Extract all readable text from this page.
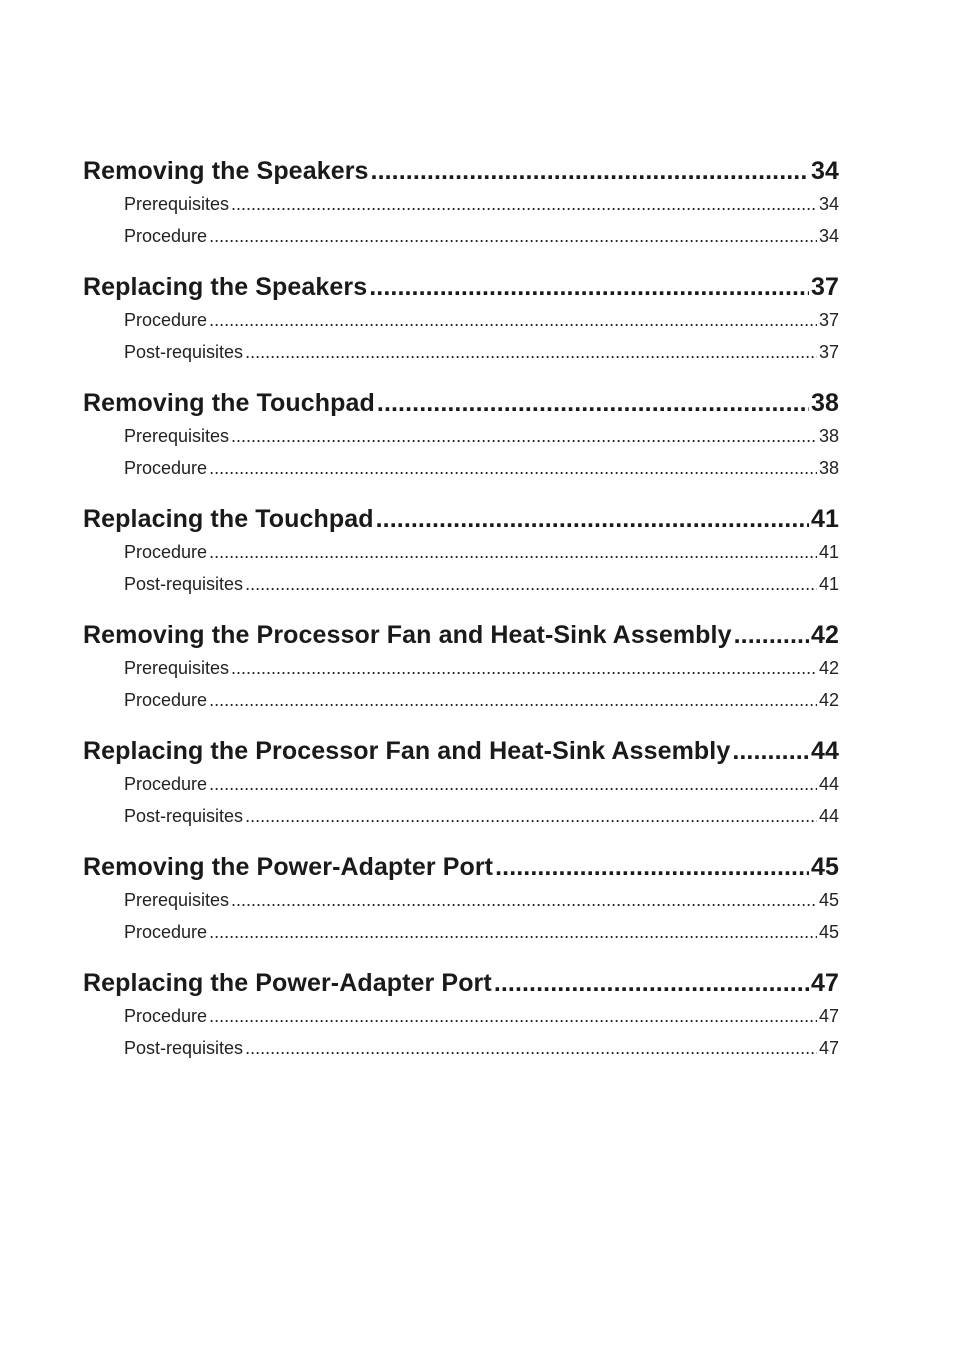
Removing the Speakers .....	34
Prerequisites .....	34
Procedure .....	34
Replacing the Speakers .....	37
Procedure .....	37
Post-requisites .....	37
Removing the Touchpad .....	38
Prerequisites .....	38
Procedure .....	38
Replacing the Touchpad .....	41
Procedure .....	41
Post-requisites .....	41
Removing the Processor Fan and Heat-Sink Assembly .....	42
Prerequisites .....	42
Procedure .....	42
Replacing the Processor Fan and Heat-Sink Assembly .....	44
Procedure .....	44
Post-requisites .....	44
Removing the Power-Adapter Port .....	45
Prerequisites .....	45
Procedure .....	45
Replacing the Power-Adapter Port .....	47
Procedure .....	47
Post-requisites .....	47
